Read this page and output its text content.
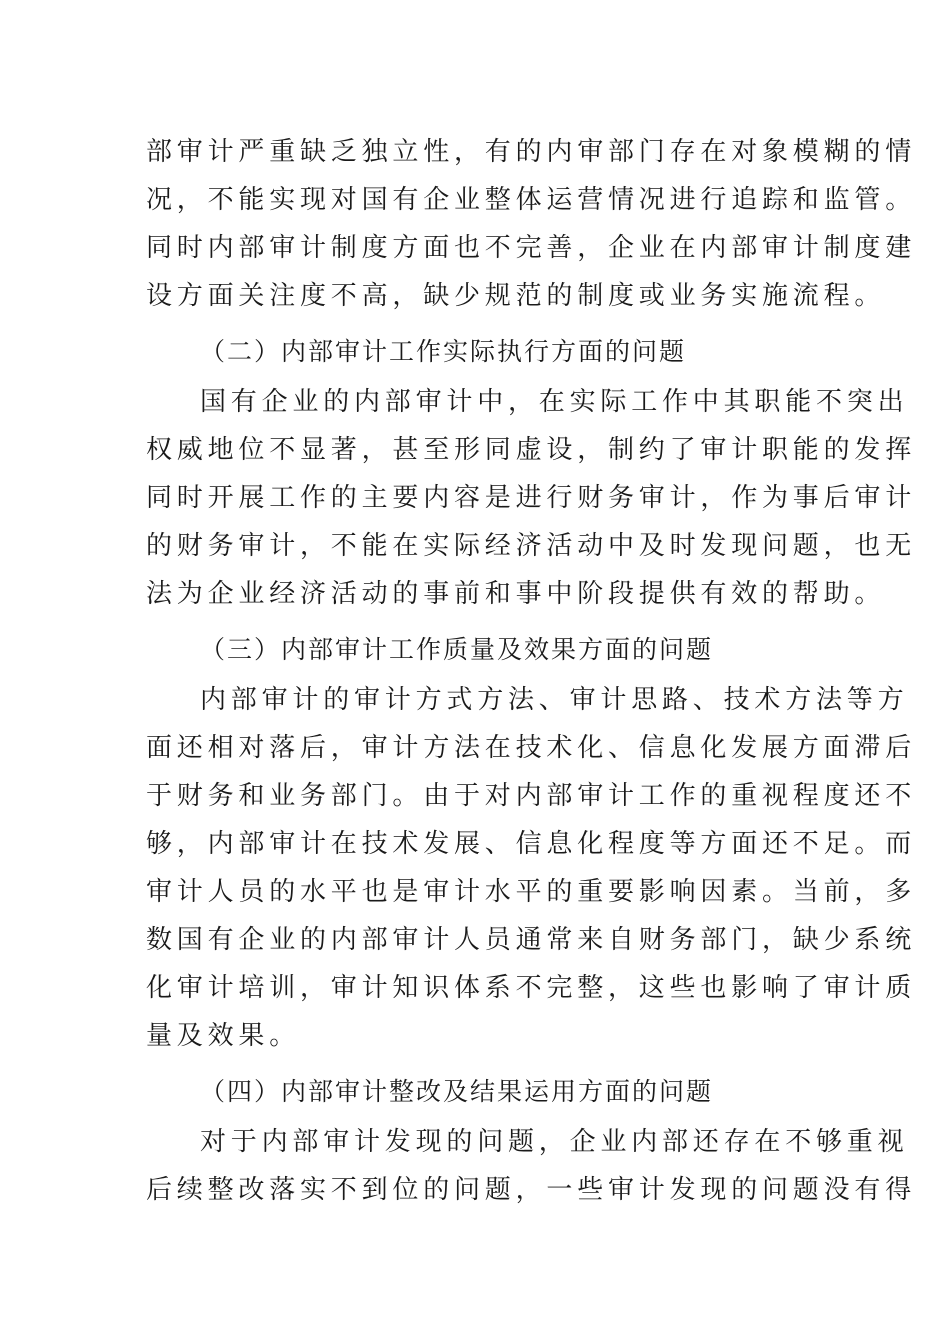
部审计严重缺乏独立性，有的内审部门存在对象模糊的情
况，不能实现对国有企业整体运营情况进行追踪和监管。
同时内部审计制度方面也不完善，企业在内部审计制度建
设方面关注度不高，缺少规范的制度或业务实施流程。
（二）内部审计工作实际执行方面的问题
国有企业的内部审计中，在实际工作中其职能不突出
权威地位不显著，甚至形同虚设，制约了审计职能的发挥
同时开展工作的主要内容是进行财务审计，作为事后审计
的财务审计，不能在实际经济活动中及时发现问题，也无
法为企业经济活动的事前和事中阶段提供有效的帮助。
（三）内部审计工作质量及效果方面的问题
内部审计的审计方式方法、审计思路、技术方法等方
面还相对落后，审计方法在技术化、信息化发展方面滞后
于财务和业务部门。由于对内部审计工作的重视程度还不
够，内部审计在技术发展、信息化程度等方面还不足。而
审计人员的水平也是审计水平的重要影响因素。当前，多
数国有企业的内部审计人员通常来自财务部门，缺少系统
化审计培训，审计知识体系不完整，这些也影响了审计质
量及效果。
（四）内部审计整改及结果运用方面的问题
对于内部审计发现的问题，企业内部还存在不够重视
后续整改落实不到位的问题，一些审计发现的问题没有得
